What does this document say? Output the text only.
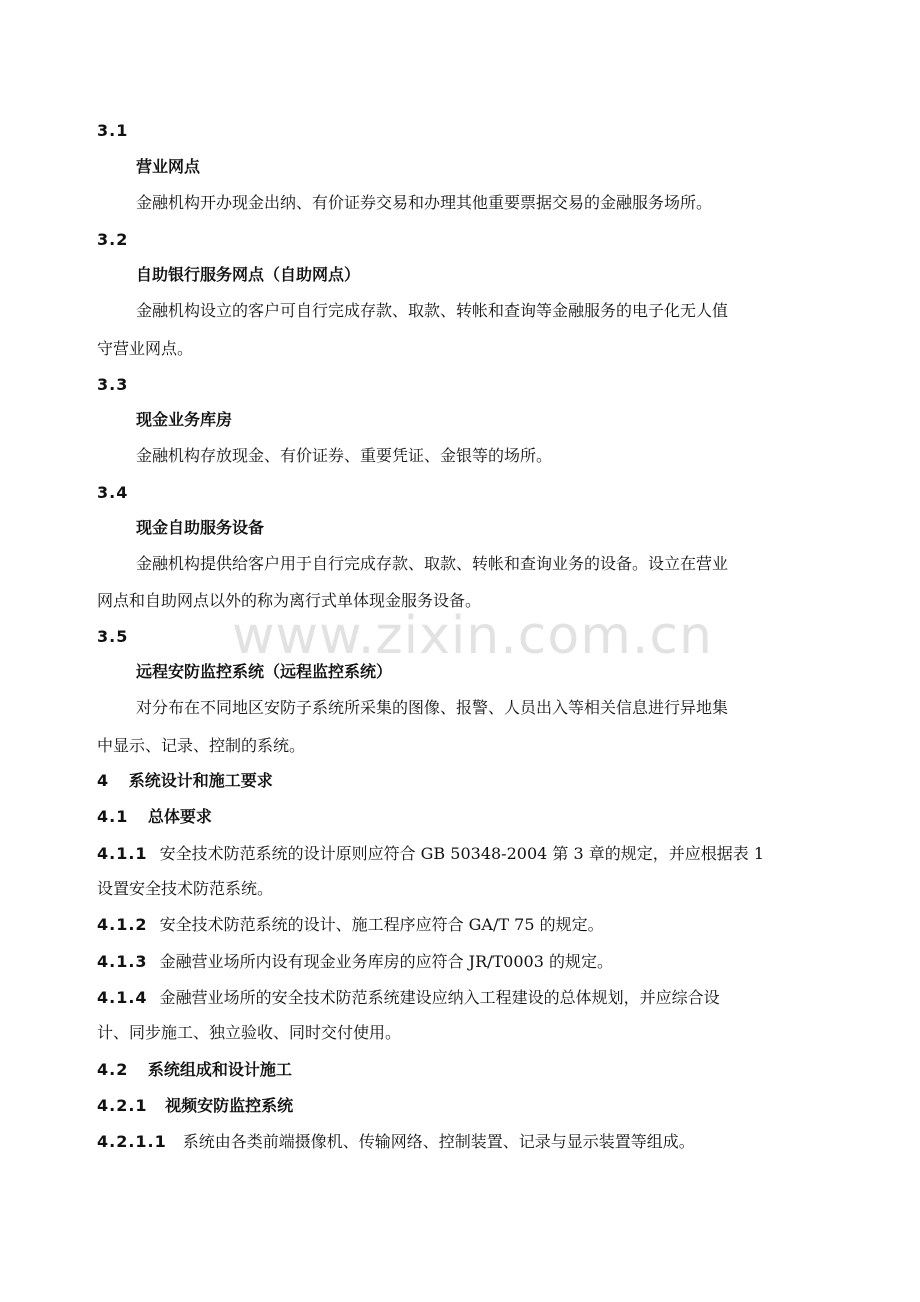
3.1
营业网点
金融机构开办现金出纳、有价证券交易和办理其他重要票据交易的金融服务场所。
3.2
自助银行服务网点（自助网点）
金融机构设立的客户可自行完成存款、取款、转帐和查询等金融服务的电子化无人值
守营业网点。
3.3
现金业务库房
金融机构存放现金、有价证券、重要凭证、金银等的场所。
3.4
现金自助服务设备
金融机构提供给客户用于自行完成存款、取款、转帐和查询业务的设备。设立在营业
网点和自助网点以外的称为离行式单体现金服务设备。
3.5
远程安防监控系统（远程监控系统）
对分布在不同地区安防子系统所采集的图像、报警、人员出入等相关信息进行异地集
中显示、记录、控制的系统。
4 系统设计和施工要求
4.1 总体要求
4.1.1 安全技术防范系统的设计原则应符合 GB 50348-2004 第 3 章的规定，并应根据表 1
设置安全技术防范系统。
4.1.2 安全技术防范系统的设计、施工程序应符合 GA/T 75 的规定。
4.1.3 金融营业场所内设有现金业务库房的应符合 JR/T0003 的规定。
4.1.4 金融营业场所的安全技术防范系统建设应纳入工程建设的总体规划，并应综合设
计、同步施工、独立验收、同时交付使用。
4.2 系统组成和设计施工
4.2.1 视频安防监控系统
4.2.1.1 系统由各类前端摄像机、传输网络、控制装置、记录与显示装置等组成。
www.zixin.com.cn
